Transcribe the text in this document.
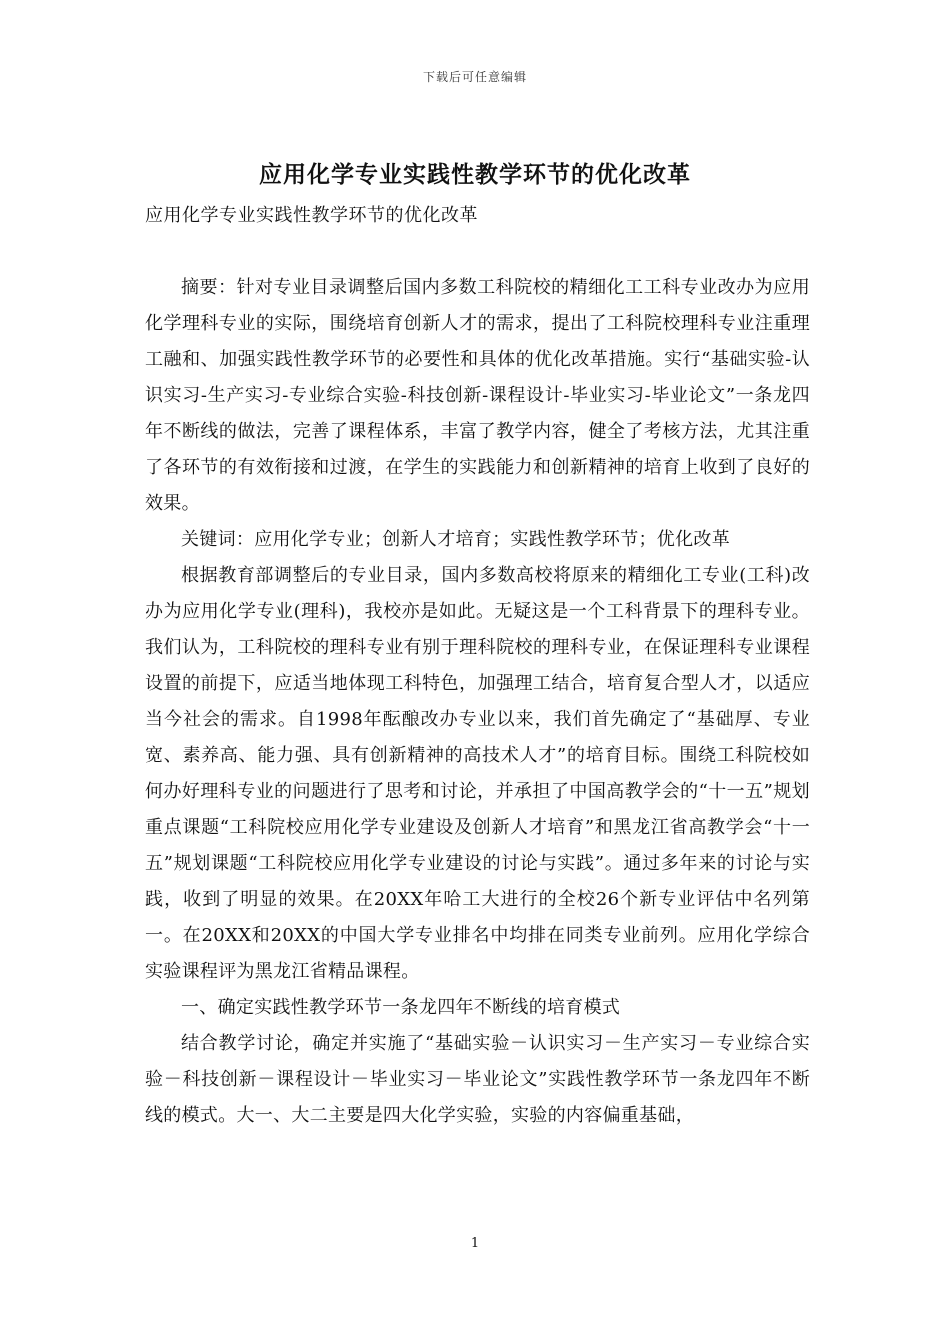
下载后可任意编辑
应用化学专业实践性教学环节的优化改革
应用化学专业实践性教学环节的优化改革

摘要：针对专业目录调整后国内多数工科院校的精细化工工科专业改办为应用化学理科专业的实际，围绕培育创新人才的需求，提出了工科院校理科专业注重理工融和、加强实践性教学环节的必要性和具体的优化改革措施。实行“基础实验-认识实习-生产实习-专业综合实验-科技创新-课程设计-毕业实习-毕业论文”一条龙四年不断线的做法，完善了课程体系，丰富了教学内容，健全了考核方法，尤其注重了各环节的有效衔接和过渡，在学生的实践能力和创新精神的培育上收到了良好的效果。

关键词：应用化学专业；创新人才培育；实践性教学环节；优化改革

根据教育部调整后的专业目录，国内多数高校将原来的精细化工专业(工科)改办为应用化学专业(理科)，我校亦是如此。无疑这是一个工科背景下的理科专业。我们认为，工科院校的理科专业有别于理科院校的理科专业，在保证理科专业课程设置的前提下，应适当地体现工科特色，加强理工结合，培育复合型人才，以适应当今社会的需求。自1998年酝酿改办专业以来，我们首先确定了“基础厚、专业宽、素养高、能力强、具有创新精神的高技术人才”的培育目标。围绕工科院校如何办好理科专业的问题进行了思考和讨论，并承担了中国高教学会的“十一五”规划重点课题“工科院校应用化学专业建设及创新人才培育”和黑龙江省高教学会“十一五”规划课题“工科院校应用化学专业建设的讨论与实践”。通过多年来的讨论与实践，收到了明显的效果。在20XX年哈工大进行的全校26个新专业评估中名列第一。在20XX和20XX的中国大学专业排名中均排在同类专业前列。应用化学综合实验课程评为黑龙江省精品课程。

一、确定实践性教学环节一条龙四年不断线的培育模式

结合教学讨论，确定并实施了“基础实验－认识实习－生产实习－专业综合实验－科技创新－课程设计－毕业实习－毕业论文”实践性教学环节一条龙四年不断线的模式。大一、大二主要是四大化学实验，实验的内容偏重基础，

1
